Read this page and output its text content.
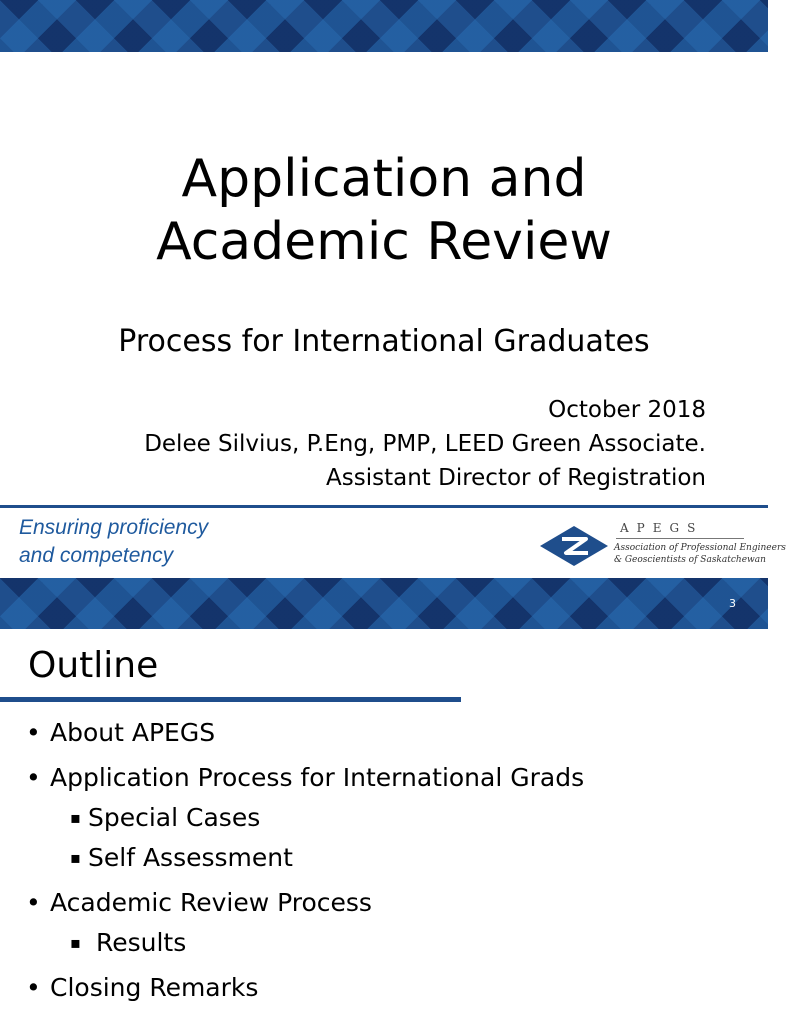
Application and
Academic Review
Process for International Graduates
October 2018
Delee Silvius, P.Eng, PMP, LEED Green Associate.
Assistant Director of Registration
Ensuring proficiency
and competency
APEGS
Association of Professional Engineers
& Geoscientists of Saskatchewan
3
Outline
• About APEGS
• Application Process for International Grads
▪ Special Cases
▪ Self Assessment
• Academic Review Process
▪ Results
• Closing Remarks
